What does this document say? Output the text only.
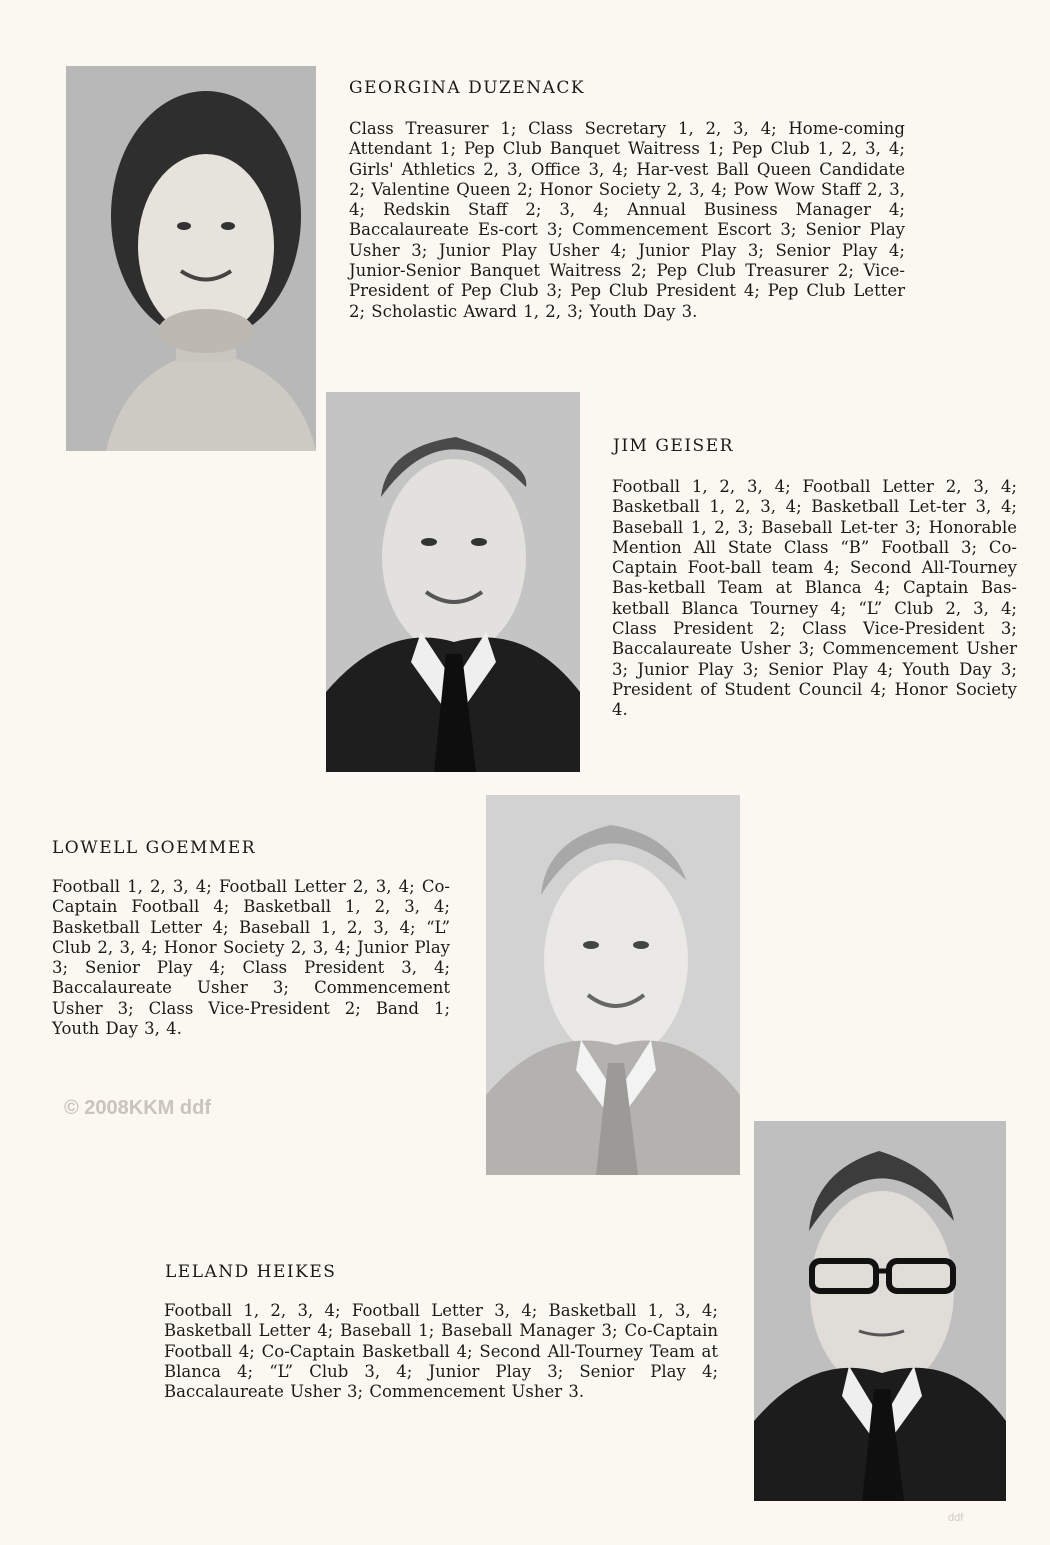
GEORGINA DUZENACK
Class Treasurer 1; Class Secretary 1, 2, 3, 4; Home-coming Attendant 1; Pep Club Banquet Waitress 1; Pep Club 1, 2, 3, 4; Girls' Athletics 2, 3, Office 3, 4; Har-vest Ball Queen Candidate 2; Valentine Queen 2; Honor Society 2, 3, 4; Pow Wow Staff 2, 3, 4; Redskin Staff 2; 3, 4; Annual Business Manager 4; Baccalaureate Es-cort 3; Commencement Escort 3; Senior Play Usher 3; Junior Play Usher 4; Junior Play 3; Senior Play 4; Junior-Senior Banquet Waitress 2; Pep Club Treasurer 2; Vice-President of Pep Club 3; Pep Club President 4; Pep Club Letter 2; Scholastic Award 1, 2, 3; Youth Day 3.
JIM GEISER
Football 1, 2, 3, 4; Football Letter 2, 3, 4; Basketball 1, 2, 3, 4; Basketball Let-ter 3, 4; Baseball 1, 2, 3; Baseball Let-ter 3; Honorable Mention All State Class “B” Football 3; Co-Captain Foot-ball team 4; Second All-Tourney Bas-ketball Team at Blanca 4; Captain Bas-ketball Blanca Tourney 4; “L” Club 2, 3, 4; Class President 2; Class Vice-President 3; Baccalaureate Usher 3; Commencement Usher 3; Junior Play 3; Senior Play 4; Youth Day 3; President of Student Council 4; Honor Society 4.
LOWELL GOEMMER
Football 1, 2, 3, 4; Football Letter 2, 3, 4; Co-Captain Football 4; Basketball 1, 2, 3, 4; Basketball Letter 4; Baseball 1, 2, 3, 4; “L” Club 2, 3, 4; Honor Society 2, 3, 4; Junior Play 3; Senior Play 4; Class President 3, 4; Baccalaureate Usher 3; Commencement Usher 3; Class Vice-President 2; Band 1; Youth Day 3, 4.
© 2008KKM ddf
LELAND HEIKES
Football 1, 2, 3, 4; Football Letter 3, 4; Basketball 1, 3, 4; Basketball Letter 4; Baseball 1; Baseball Manager 3; Co-Captain Football 4; Co-Captain Basketball 4; Second All-Tourney Team at Blanca 4; “L” Club 3, 4; Junior Play 3; Senior Play 4; Baccalaureate Usher 3; Commencement Usher 3.
ddf
